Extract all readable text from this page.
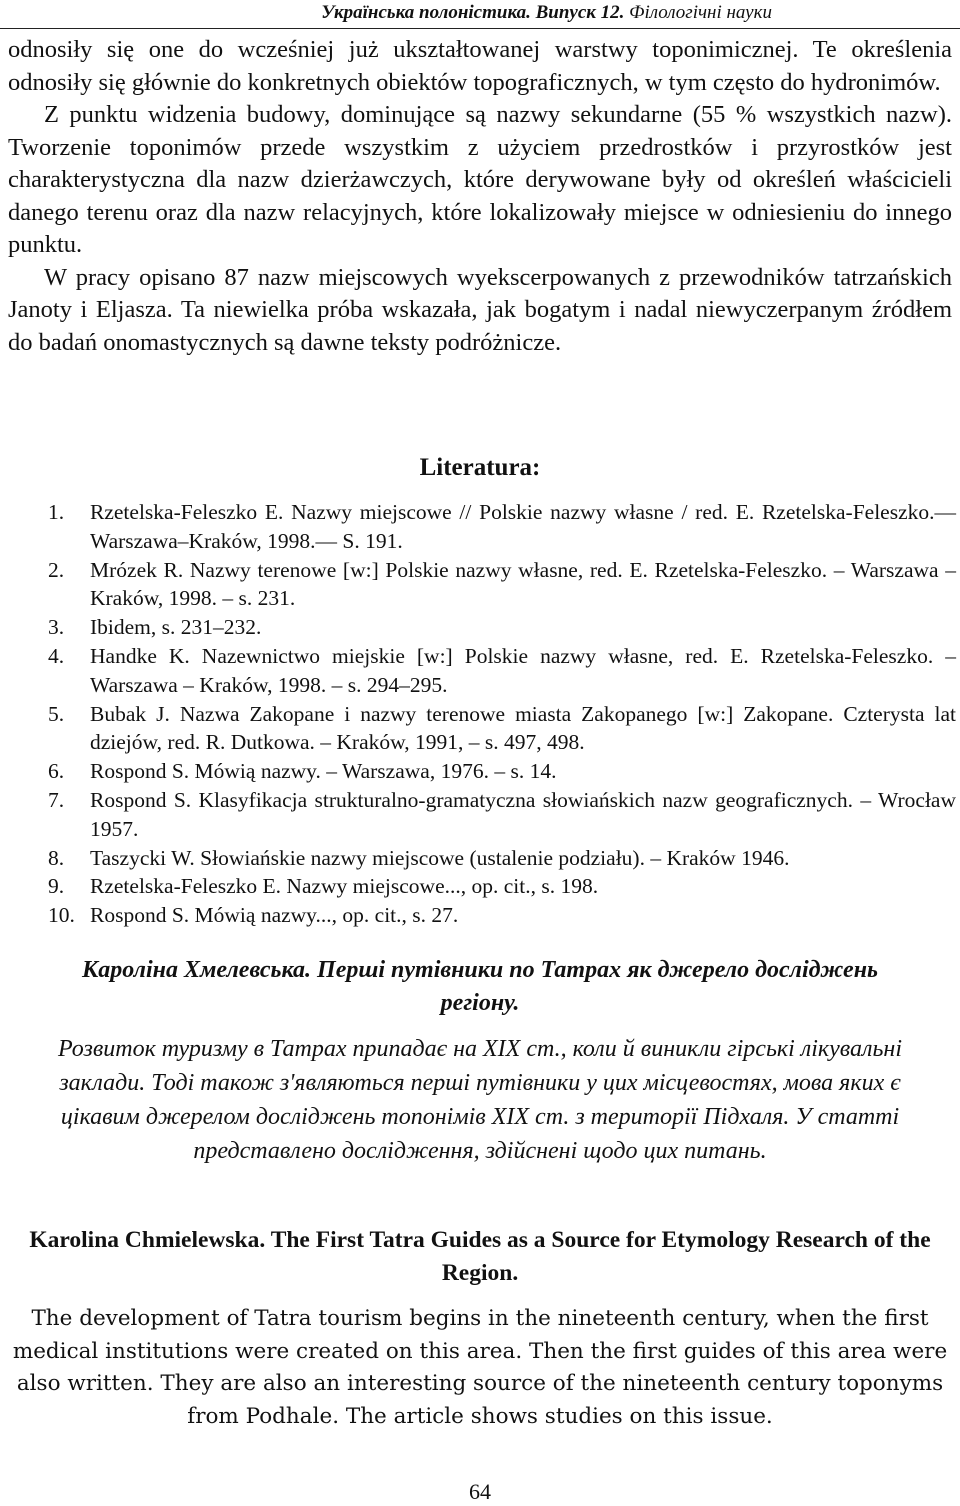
Українська полоністика. Випуск 12. Філологічні науки

odnosiły się one do wcześniej już ukształtowanej warstwy toponimicznej. Te określenia odnosiły się głównie do konkretnych obiektów topograficznych, w tym często do hydronimów.

Z punktu widzenia budowy, dominujące są nazwy sekundarne (55 % wszystkich nazw). Tworzenie toponimów przede wszystkim z użyciem przedrostków i przyrostków jest charakterystyczna dla nazw dzierżawczych, które derywowane były od określeń właścicieli danego terenu oraz dla nazw relacyjnych, które lokalizowały miejsce w odniesieniu do innego punktu.

W pracy opisano 87 nazw miejscowych wyekscerpowanych z przewodników tatrzańskich Janoty i Eljasza. Ta niewielka próba wskazała, jak bogatym i nadal niewyczerpanym źródłem do badań onomastycznych są dawne teksty podróżnicze.

Literatura:
1. Rzetelska-Feleszko E. Nazwy miejscowe // Polskie nazwy własne / red. E. Rzetelska-Feleszko.— Warszawa–Kraków, 1998.— S. 191.
2. Mrózek R. Nazwy terenowe [w:] Polskie nazwy własne, red. E. Rzetelska-Feleszko. – Warszawa – Kraków, 1998. – s. 231.
3. Ibidem, s. 231–232.
4. Handke K. Nazewnictwo miejskie [w:] Polskie nazwy własne, red. E. Rzetelska-Feleszko. – Warszawa – Kraków, 1998. – s. 294–295.
5. Bubak J. Nazwa Zakopane i nazwy terenowe miasta Zakopanego [w:] Zakopane. Czterysta lat dziejów, red. R. Dutkowa. – Kraków, 1991, – s. 497, 498.
6. Rospond S. Mówią nazwy. – Warszawa, 1976. – s. 14.
7. Rospond S. Klasyfikacja strukturalno-gramatyczna słowiańskich nazw geograficznych. – Wrocław 1957.
8. Taszycki W. Słowiańskie nazwy miejscowe (ustalenie podziału). – Kraków 1946.
9. Rzetelska-Feleszko E. Nazwy miejscowe..., op. cit., s. 198.
10. Rospond S. Mówią nazwy..., op. cit., s. 27.
Кароліна Хмелевська. Перші путівники по Татрах як джерело досліджень регіону.
Розвиток туризму в Татрах припадає на XIX ст., коли й виникли гірські лікувальні заклади. Тоді також з'являються перші путівники у цих місцевостях, мова яких є цікавим джерелом досліджень топонімів XIX ст. з території Підхаля. У статті представлено дослідження, здійснені щодо цих питань.
Karolina Chmielewska. The First Tatra Guides as a Source for Etymology Research of the Region.
The development of Tatra tourism begins in the nineteenth century, when the first medical institutions were created on this area. Then the first guides of this area were also written. They are also an interesting source of the nineteenth century toponyms from Podhale. The article shows studies on this issue.
64
